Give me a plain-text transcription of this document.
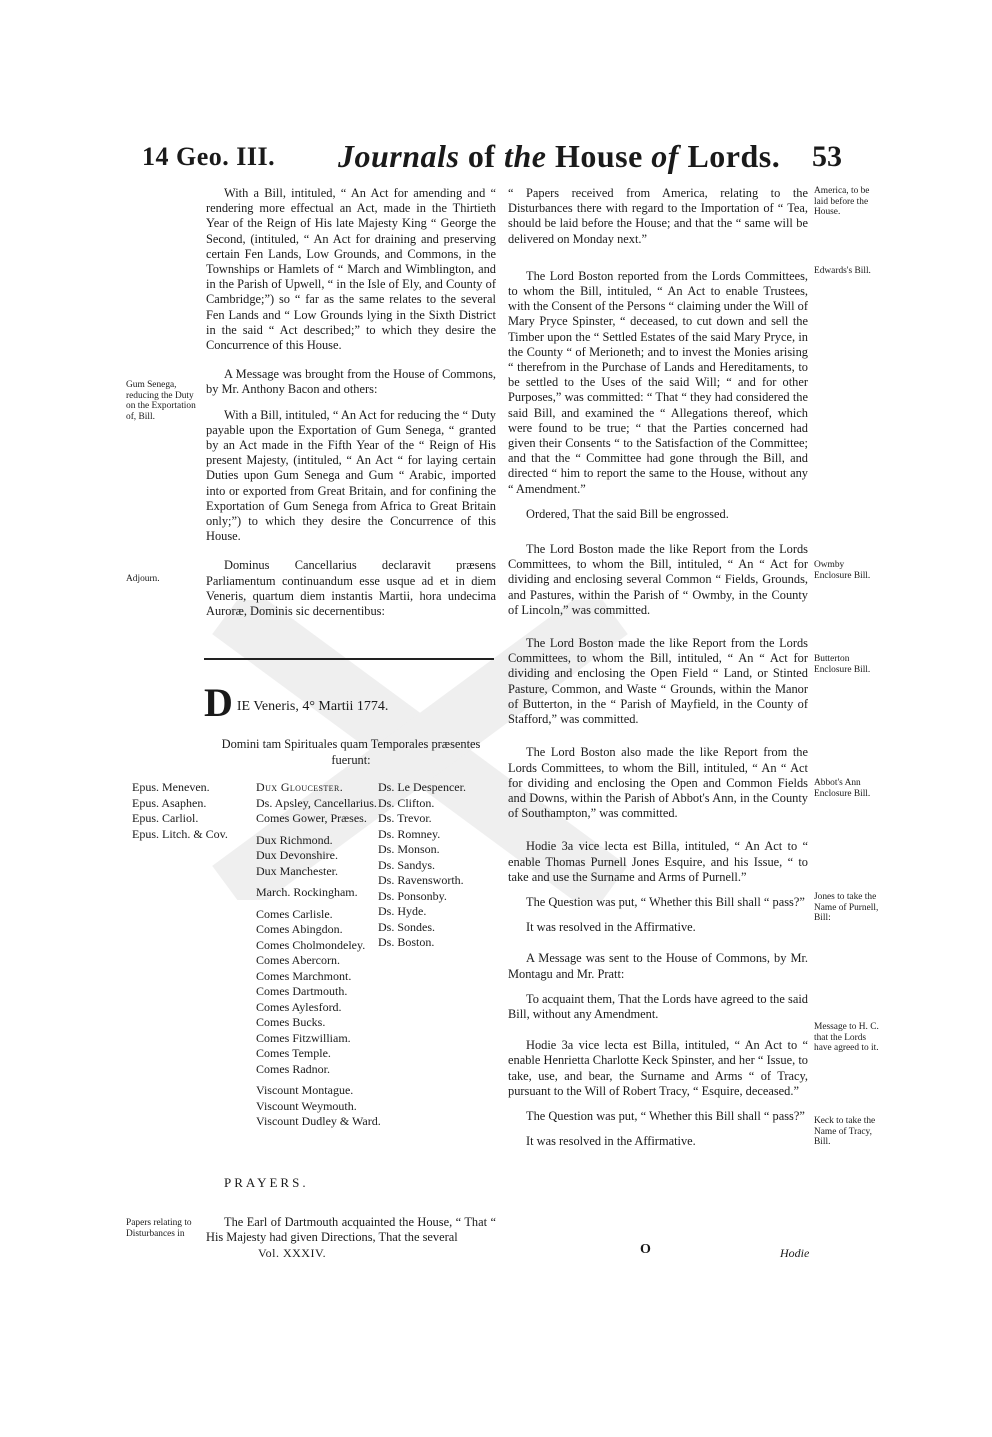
14 Geo. III. Journals of the House of Lords. 53

With a Bill, intituled, “ An Act for amending and “ rendering more effectual an Act, made in the Thirtieth Year of the Reign of His late Majesty King “ George the Second, (intituled, “ An Act for draining and preserving certain Fen Lands, Low Grounds, and Commons, in the Townships or Hamlets of “ March and Wimblington, and in the Parish of Upwell, “ in the Isle of Ely, and County of Cambridge;”) so “ far as the same relates to the several Fen Lands and “ Low Grounds lying in the Sixth District in the said “ Act described;” to which they desire the Concurrence of this House.

A Message was brought from the House of Commons, by Mr. Anthony Bacon and others:

With a Bill, intituled, “ An Act for reducing the “ Duty payable upon the Exportation of Gum Senega, “ granted by an Act made in the Fifth Year of the “ Reign of His present Majesty, (intituled, “ An Act “ for laying certain Duties upon Gum Senega and Gum “ Arabic, imported into or exported from Great Britain, and for confining the Exportation of Gum Senega from Africa to Great Britain only;”) to which they desire the Concurrence of this House.

Dominus Cancellarius declaravit præsens Parliamentum continuandum esse usque ad et in diem Veneris, quartum diem instantis Martii, hora undecima Auroræ, Dominis sic decernentibus:

DIE Veneris, 4° Martii 1774.
Domini tam Spirituales quam Temporales præsentes fuerunt:
Epus. Meneven.
Epus. Asaphen.
Epus. Carliol.
Epus. Litch. & Cov.
Dux Gloucester.
Ds. Apsley, Cancellarius.
Comes Gower, Præses.
Dux Richmond.
Dux Devonshire.
Dux Manchester.
March. Rockingham.
Comes Carlisle.
Comes Abingdon.
Comes Cholmondeley.
Comes Abercorn.
Comes Marchmont.
Comes Dartmouth.
Comes Aylesford.
Comes Bucks.
Comes Fitzwilliam.
Comes Temple.
Comes Radnor.
Viscount Montague.
Viscount Weymouth.
Viscount Dudley & Ward.
Ds. Le Despencer.
Ds. Clifton.
Ds. Trevor.
Ds. Romney.
Ds. Monson.
Ds. Sandys.
Ds. Ravensworth.
Ds. Ponsonby.
Ds. Hyde.
Ds. Sondes.
Ds. Boston.
PRAYERS.

The Earl of Dartmouth acquainted the House, “ That “ His Majesty had given Directions, That the several

Vol. XXXIV.

“ Papers received from America, relating to the Disturbances there with regard to the Importation of “ Tea, should be laid before the House; and that the “ same will be delivered on Monday next.”

The Lord Boston reported from the Lords Committees, to whom the Bill, intituled, “ An Act to enable Trustees, with the Consent of the Persons “ claiming under the Will of Mary Pryce Spinster, “ deceased, to cut down and sell the Timber upon the “ Settled Estates of the said Mary Pryce, in the County “ of Merioneth; and to invest the Monies arising “ therefrom in the Purchase of Lands and Hereditaments, to be settled to the Uses of the said Will; “ and for other Purposes,” was committed: “ That “ they had considered the said Bill, and examined the “ Allegations thereof, which were found to be true; “ that the Parties concerned had given their Consents “ to the Satisfaction of the Committee; and that the “ Committee had gone through the Bill, and directed “ him to report the same to the House, without any “ Amendment.”

Ordered, That the said Bill be engrossed.

The Lord Boston made the like Report from the Lords Committees, to whom the Bill, intituled, “ An “ Act for dividing and enclosing several Common “ Fields, Grounds, and Pastures, within the Parish of “ Owmby, in the County of Lincoln,” was committed.

The Lord Boston made the like Report from the Lords Committees, to whom the Bill, intituled, “ An “ Act for dividing and enclosing the Open Field “ Land, or Stinted Pasture, Common, and Waste “ Grounds, within the Manor of Butterton, in the “ Parish of Mayfield, in the County of Stafford,” was committed.

The Lord Boston also made the like Report from the Lords Committees, to whom the Bill, intituled, “ An “ Act for dividing and enclosing the Open and Common Fields and Downs, within the Parish of Abbot's Ann, in the County of Southampton,” was committed.

Hodie 3a vice lecta est Billa, intituled, “ An Act to “ enable Thomas Purnell Jones Esquire, and his Issue, “ to take and use the Surname and Arms of Purnell.”

The Question was put, “ Whether this Bill shall “ pass?”

It was resolved in the Affirmative.

A Message was sent to the House of Commons, by Mr. Montagu and Mr. Pratt:

To acquaint them, That the Lords have agreed to the said Bill, without any Amendment.

Hodie 3a vice lecta est Billa, intituled, “ An Act to “ enable Henrietta Charlotte Keck Spinster, and her “ Issue, to take, use, and bear, the Surname and Arms “ of Tracy, pursuant to the Will of Robert Tracy, “ Esquire, deceased.”

The Question was put, “ Whether this Bill shall “ pass?”

It was resolved in the Affirmative.

O	Hodie
Gum Senega, reducing the Duty on the Exportation of, Bill.
Adjourn.
Papers relating to Disturbances in
America, to be laid before the House.
Edwards's Bill.
Owmby Enclosure Bill.
Butterton Enclosure Bill.
Abbot's Ann Enclosure Bill.
Jones to take the Name of Purnell, Bill:
Message to H. C. that the Lords have agreed to it.
Keck to take the Name of Tracy, Bill.
